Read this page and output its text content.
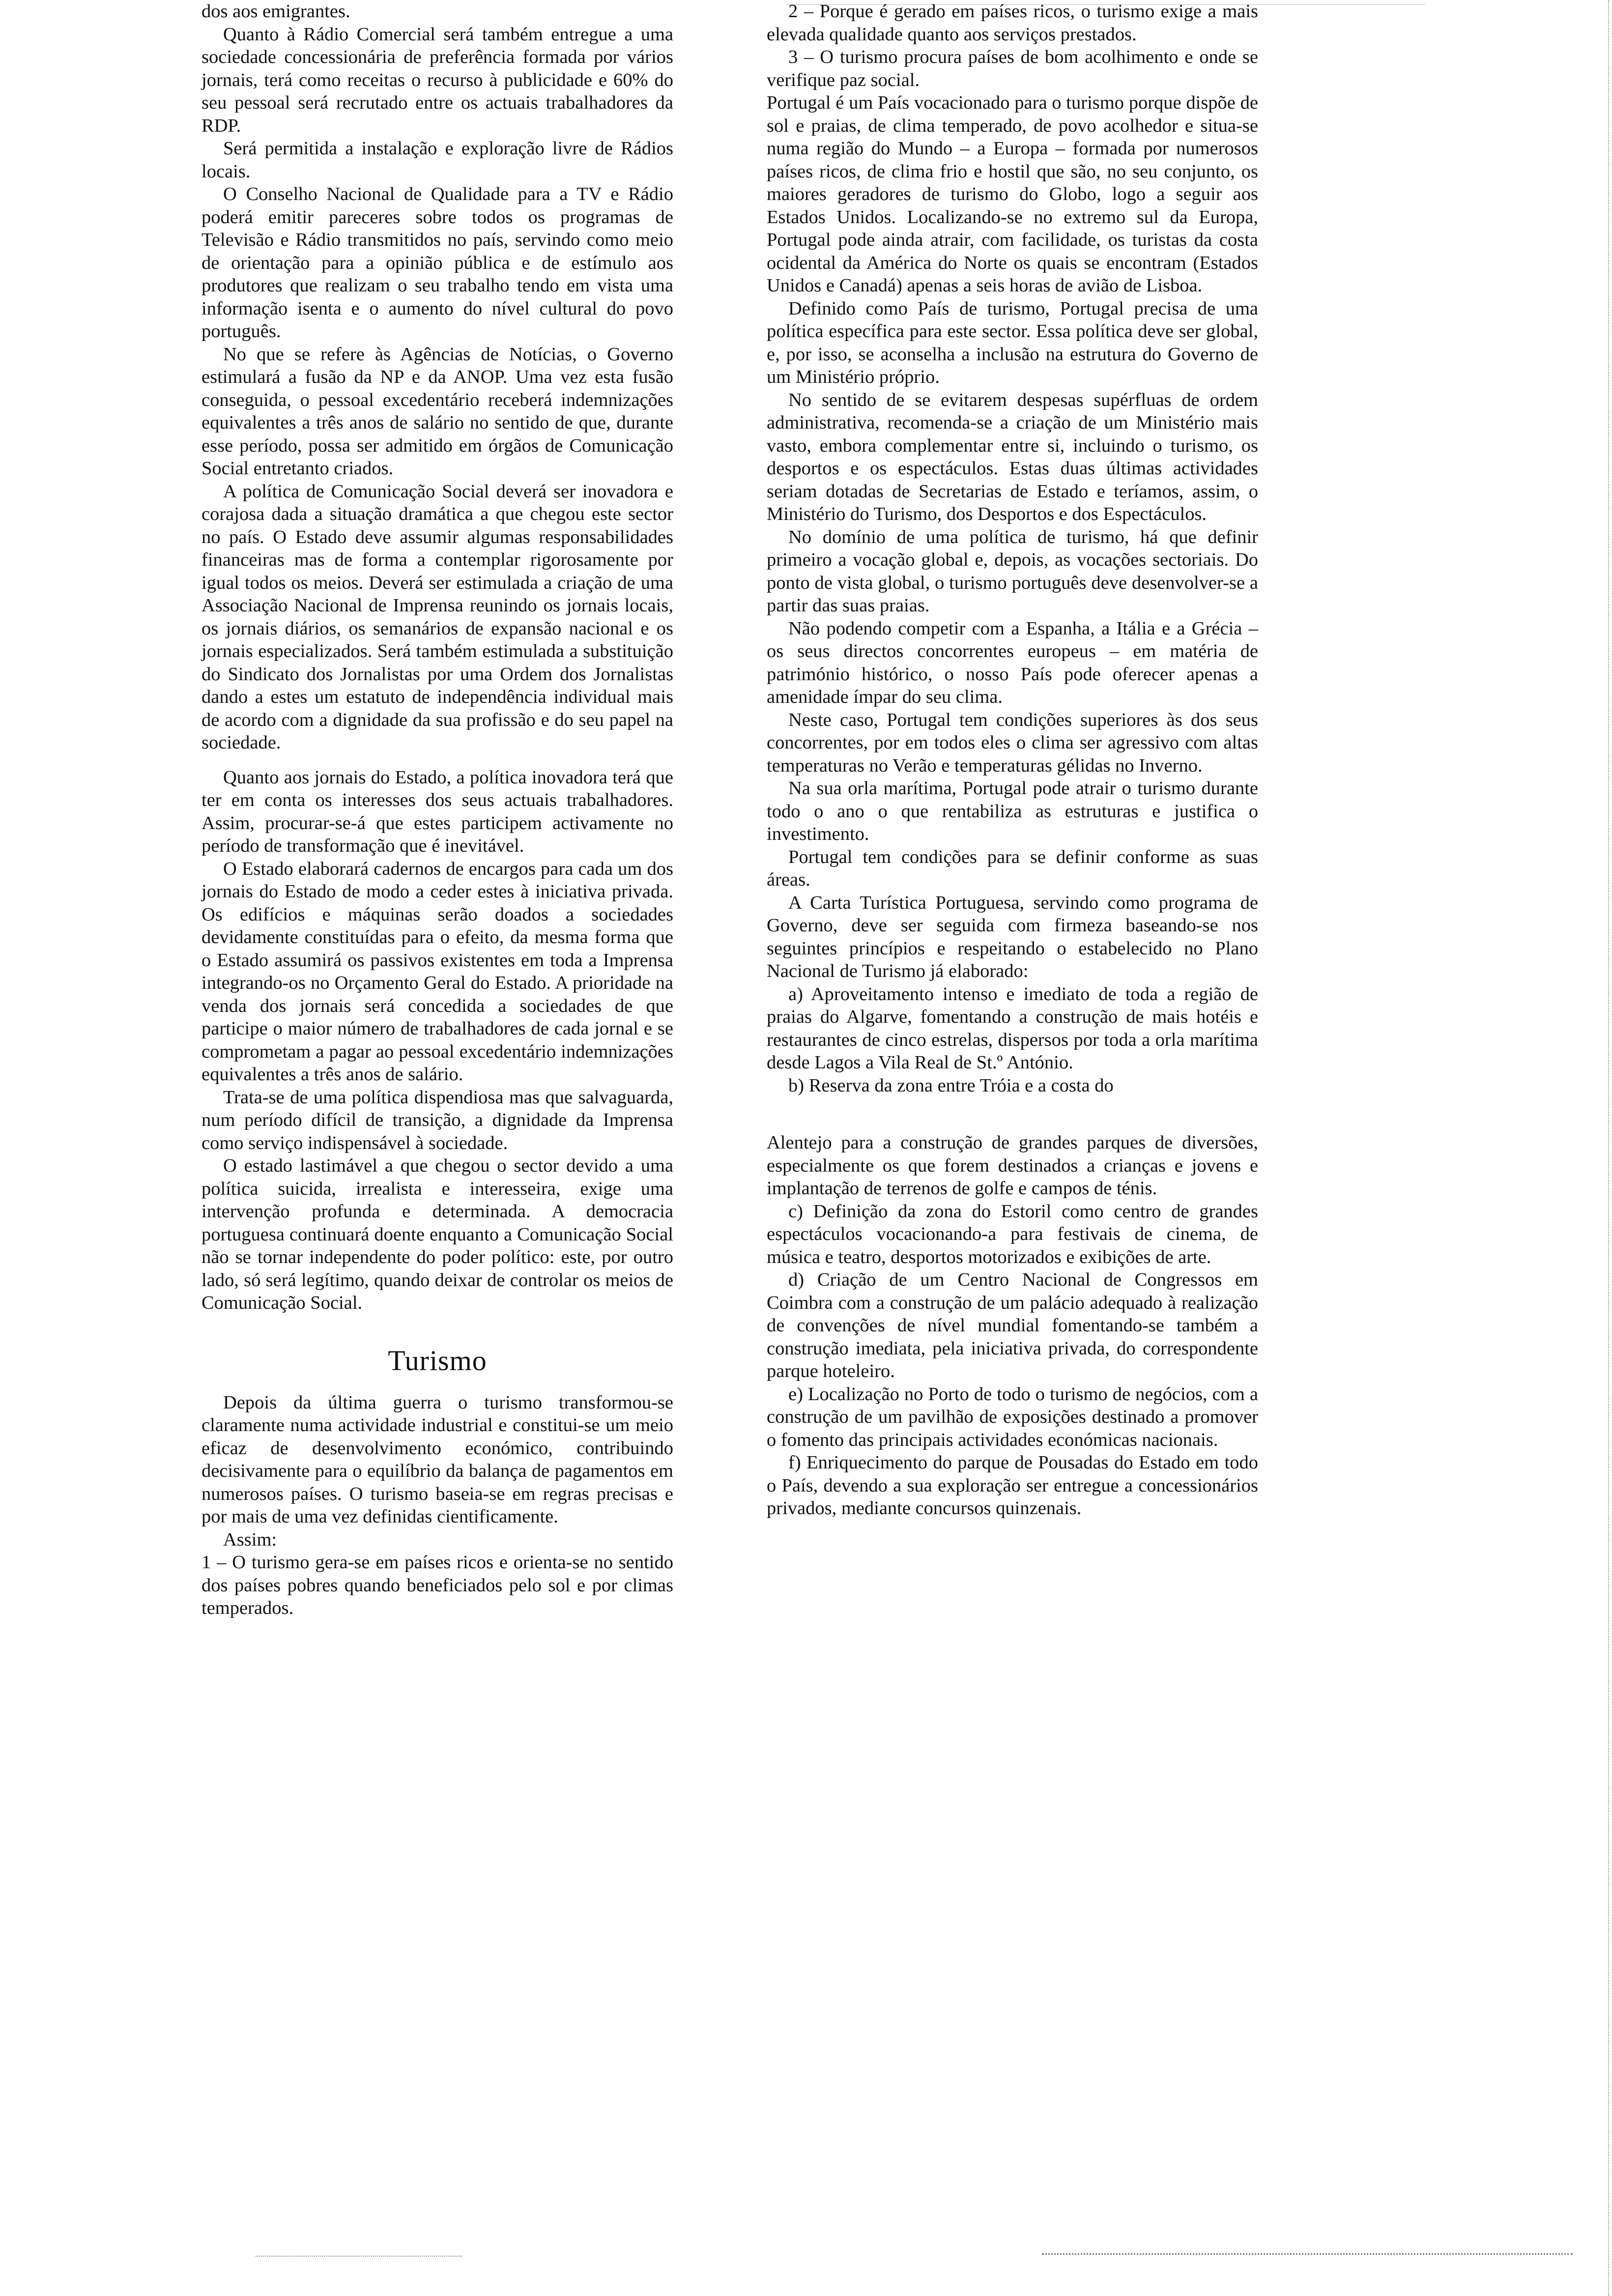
dos aos emigrantes.

Quanto à Rádio Comercial será também entregue a uma sociedade concessionária de preferência formada por vários jornais, terá como receitas o recurso à publicidade e 60% do seu pessoal será recrutado entre os actuais trabalhadores da RDP.

Será permitida a instalação e exploração livre de Rádios locais.

O Conselho Nacional de Qualidade para a TV e Rádio poderá emitir pareceres sobre todos os programas de Televisão e Rádio transmitidos no país, servindo como meio de orientação para a opinião pública e de estímulo aos produtores que realizam o seu trabalho tendo em vista uma informação isenta e o aumento do nível cultural do povo português.

No que se refere às Agências de Notícias, o Governo estimulará a fusão da NP e da ANOP. Uma vez esta fusão conseguida, o pessoal excedentário receberá indemnizações equivalentes a três anos de salário no sentido de que, durante esse período, possa ser admitido em órgãos de Comunicação Social entretanto criados.

A política de Comunicação Social deverá ser inovadora e corajosa dada a situação dramática a que chegou este sector no país. O Estado deve assumir algumas responsabilidades financeiras mas de forma a contemplar rigorosamente por igual todos os meios. Deverá ser estimulada a criação de uma Associação Nacional de Imprensa reunindo os jornais locais, os jornais diários, os semanários de expansão nacional e os jornais especializados. Será também estimulada a substituição do Sindicato dos Jornalistas por uma Ordem dos Jornalistas dando a estes um estatuto de independência individual mais de acordo com a dignidade da sua profissão e do seu papel na sociedade.

Quanto aos jornais do Estado, a política inovadora terá que ter em conta os interesses dos seus actuais trabalhadores. Assim, procurar-se-á que estes participem activamente no período de transformação que é inevitável.

O Estado elaborará cadernos de encargos para cada um dos jornais do Estado de modo a ceder estes à iniciativa privada. Os edifícios e máquinas serão doados a sociedades devidamente constituídas para o efeito, da mesma forma que o Estado assumirá os passivos existentes em toda a Imprensa integrando-os no Orçamento Geral do Estado. A prioridade na venda dos jornais será concedida a sociedades de que participe o maior número de trabalhadores de cada jornal e se comprometam a pagar ao pessoal excedentário indemnizações equivalentes a três anos de salário.

Trata-se de uma política dispendiosa mas que salvaguarda, num período difícil de transição, a dignidade da Imprensa como serviço indispensável à sociedade.

O estado lastimável a que chegou o sector devido a uma política suicida, irrealista e interesseira, exige uma intervenção profunda e determinada. A democracia portuguesa continuará doente enquanto a Comunicação Social não se tornar independente do poder político: este, por outro lado, só será legítimo, quando deixar de controlar os meios de Comunicação Social.

Turismo

Depois da última guerra o turismo transformou-se claramente numa actividade industrial e constitui-se um meio eficaz de desenvolvimento económico, contribuindo decisivamente para o equilíbrio da balança de pagamentos em numerosos países. O turismo baseia-se em regras precisas e por mais de uma vez definidas cientificamente.

Assim:

1 – O turismo gera-se em países ricos e orienta-se no sentido dos países pobres quando beneficiados pelo sol e por climas temperados.

2 – Porque é gerado em países ricos, o turismo exige a mais elevada qualidade quanto aos serviços prestados.

3 – O turismo procura países de bom acolhimento e onde se verifique paz social.

Portugal é um País vocacionado para o turismo porque dispõe de sol e praias, de clima temperado, de povo acolhedor e situa-se numa região do Mundo – a Europa – formada por numerosos países ricos, de clima frio e hostil que são, no seu conjunto, os maiores geradores de turismo do Globo, logo a seguir aos Estados Unidos. Localizando-se no extremo sul da Europa, Portugal pode ainda atrair, com facilidade, os turistas da costa ocidental da América do Norte os quais se encontram (Estados Unidos e Canadá) apenas a seis horas de avião de Lisboa.

Definido como País de turismo, Portugal precisa de uma política específica para este sector. Essa política deve ser global, e, por isso, se aconselha a inclusão na estrutura do Governo de um Ministério próprio.

No sentido de se evitarem despesas supérfluas de ordem administrativa, recomenda-se a criação de um Ministério mais vasto, embora complementar entre si, incluindo o turismo, os desportos e os espectáculos. Estas duas últimas actividades seriam dotadas de Secretarias de Estado e teríamos, assim, o Ministério do Turismo, dos Desportos e dos Espectáculos.

No domínio de uma política de turismo, há que definir primeiro a vocação global e, depois, as vocações sectoriais. Do ponto de vista global, o turismo português deve desenvolver-se a partir das suas praias.

Não podendo competir com a Espanha, a Itália e a Grécia – os seus directos concorrentes europeus – em matéria de património histórico, o nosso País pode oferecer apenas a amenidade ímpar do seu clima.

Neste caso, Portugal tem condições superiores às dos seus concorrentes, por em todos eles o clima ser agressivo com altas temperaturas no Verão e temperaturas gélidas no Inverno.

Na sua orla marítima, Portugal pode atrair o turismo durante todo o ano o que rentabiliza as estruturas e justifica o investimento.

Portugal tem condições para se definir conforme as suas áreas.

A Carta Turística Portuguesa, servindo como programa de Governo, deve ser seguida com firmeza baseando-se nos seguintes princípios e respeitando o estabelecido no Plano Nacional de Turismo já elaborado:

a) Aproveitamento intenso e imediato de toda a região de praias do Algarve, fomentando a construção de mais hotéis e restaurantes de cinco estrelas, dispersos por toda a orla marítima desde Lagos a Vila Real de St.º António.

b) Reserva da zona entre Tróia e a costa do

Alentejo para a construção de grandes parques de diversões, especialmente os que forem destinados a crianças e jovens e implantação de terrenos de golfe e campos de ténis.

c) Definição da zona do Estoril como centro de grandes espectáculos vocacionando-a para festivais de cinema, de música e teatro, desportos motorizados e exibições de arte.

d) Criação de um Centro Nacional de Congressos em Coimbra com a construção de um palácio adequado à realização de convenções de nível mundial fomentando-se também a construção imediata, pela iniciativa privada, do correspondente parque hoteleiro.

e) Localização no Porto de todo o turismo de negócios, com a construção de um pavilhão de exposições destinado a promover o fomento das principais actividades económicas nacionais.

f) Enriquecimento do parque de Pousadas do Estado em todo o País, devendo a sua exploração ser entregue a concessionários privados, mediante concursos quinzenais.
